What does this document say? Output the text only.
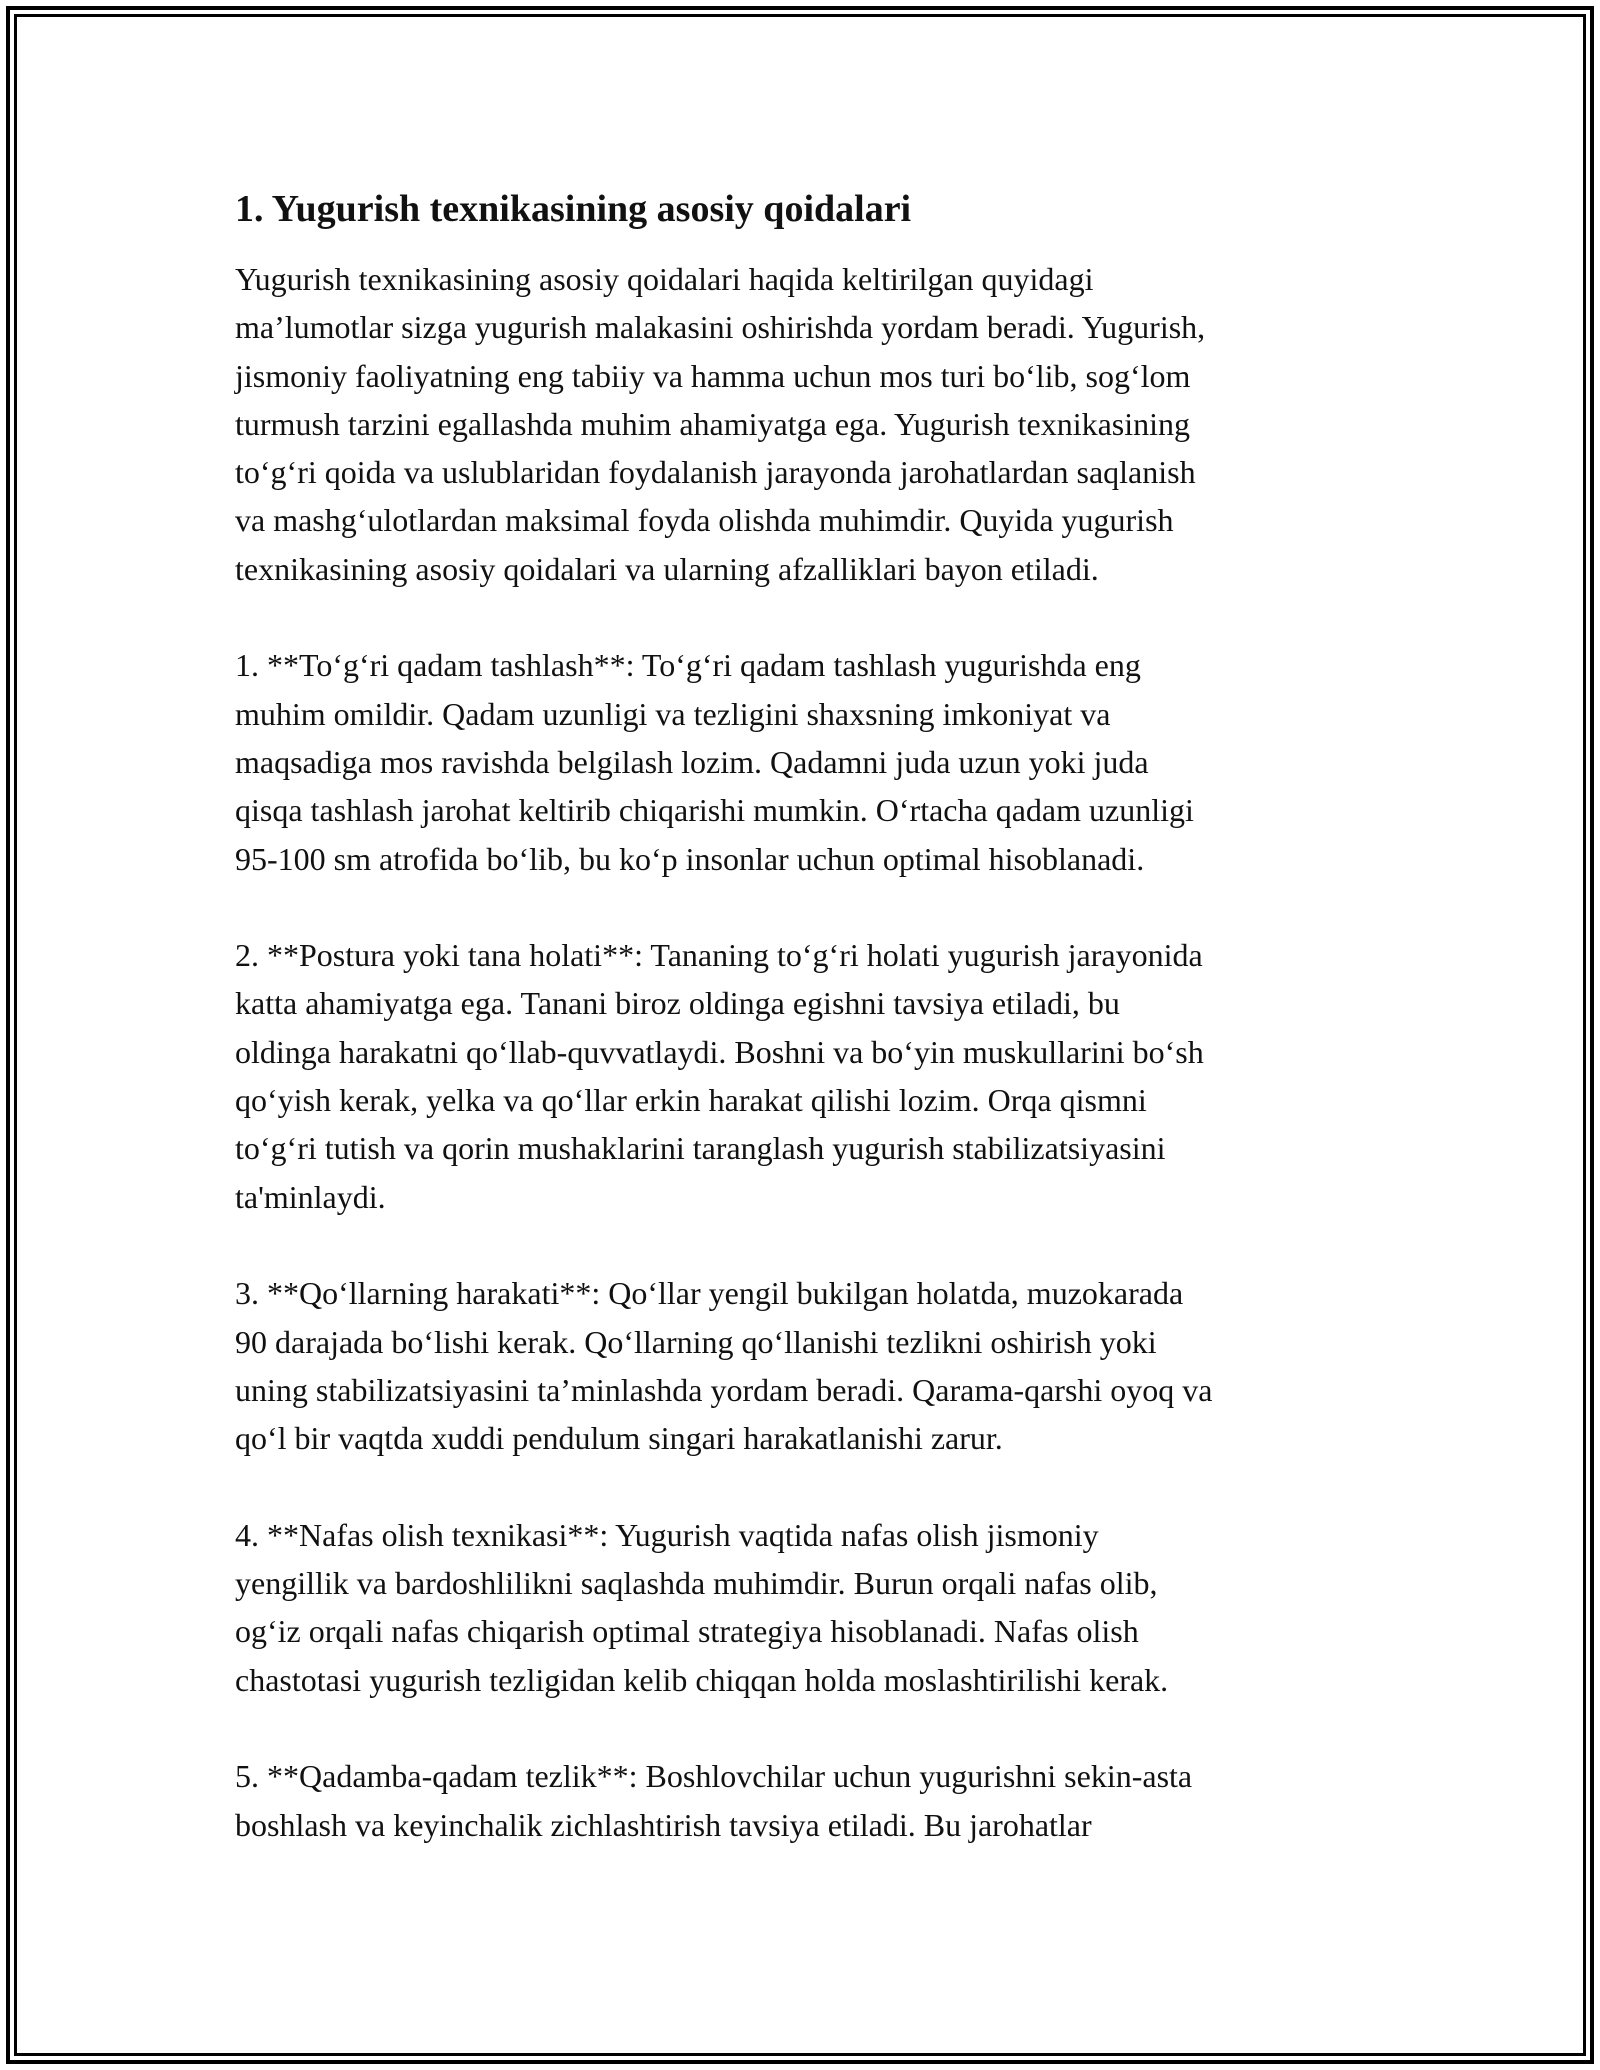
1. Yugurish texnikasining asosiy qoidalari

Yugurish texnikasining asosiy qoidalari haqida keltirilgan quyidagi
ma’lumotlar sizga yugurish malakasini oshirishda yordam beradi. Yugurish,
jismoniy faoliyatning eng tabiiy va hamma uchun mos turi bo‘lib, sog‘lom
turmush tarzini egallashda muhim ahamiyatga ega. Yugurish texnikasining
to‘g‘ri qoida va uslublaridan foydalanish jarayonda jarohatlardan saqlanish
va mashg‘ulotlardan maksimal foyda olishda muhimdir. Quyida yugurish
texnikasining asosiy qoidalari va ularning afzalliklari bayon etiladi.

1. **To‘g‘ri qadam tashlash**: To‘g‘ri qadam tashlash yugurishda eng
muhim omildir. Qadam uzunligi va tezligini shaxsning imkoniyat va
maqsadiga mos ravishda belgilash lozim. Qadamni juda uzun yoki juda
qisqa tashlash jarohat keltirib chiqarishi mumkin. O‘rtacha qadam uzunligi
95-100 sm atrofida bo‘lib, bu ko‘p insonlar uchun optimal hisoblanadi.

2. **Postura yoki tana holati**: Tananing to‘g‘ri holati yugurish jarayonida
katta ahamiyatga ega. Tanani biroz oldinga egishni tavsiya etiladi, bu
oldinga harakatni qo‘llab-quvvatlaydi. Boshni va bo‘yin muskullarini bo‘sh
qo‘yish kerak, yelka va qo‘llar erkin harakat qilishi lozim. Orqa qismni
to‘g‘ri tutish va qorin mushaklarini taranglash yugurish stabilizatsiyasini
ta'minlaydi.

3. **Qo‘llarning harakati**: Qo‘llar yengil bukilgan holatda, muzokarada
90 darajada bo‘lishi kerak. Qo‘llarning qo‘llanishi tezlikni oshirish yoki
uning stabilizatsiyasini ta’minlashda yordam beradi. Qarama-qarshi oyoq va
qo‘l bir vaqtda xuddi pendulum singari harakatlanishi zarur.

4. **Nafas olish texnikasi**: Yugurish vaqtida nafas olish jismoniy
yengillik va bardoshlilikni saqlashda muhimdir. Burun orqali nafas olib,
og‘iz orqali nafas chiqarish optimal strategiya hisoblanadi. Nafas olish
chastotasi yugurish tezligidan kelib chiqqan holda moslashtirilishi kerak.

5. **Qadamba-qadam tezlik**: Boshlovchilar uchun yugurishni sekin-asta
boshlash va keyinchalik zichlashtirish tavsiya etiladi. Bu jarohatlar
